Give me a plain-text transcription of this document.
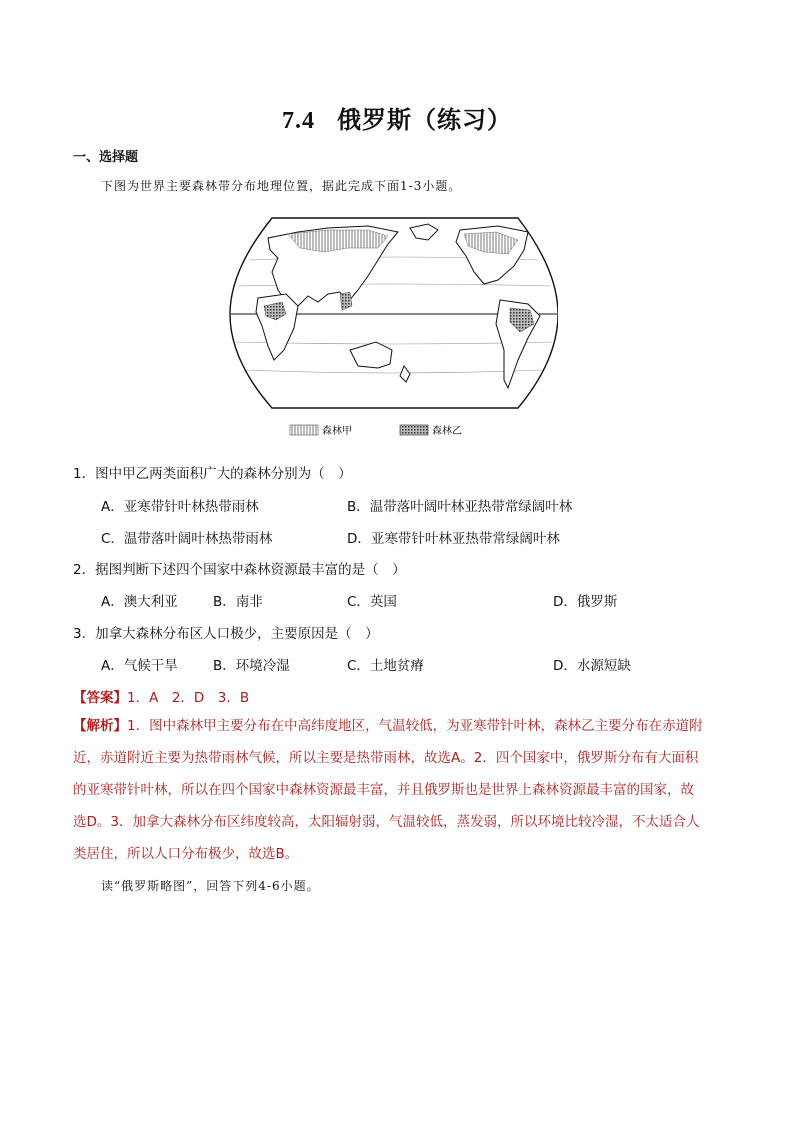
7.4 俄罗斯（练习）
一、选择题
下图为世界主要森林带分布地理位置，据此完成下面1-3小题。
森林甲	森林乙
1．图中甲乙两类面积广大的森林分别为（　）
A．亚寒带针叶林热带雨林	B．温带落叶阔叶林亚热带常绿阔叶林
C．温带落叶阔叶林热带雨林	D．亚寒带针叶林亚热带常绿阔叶林
2．据图判断下述四个国家中森林资源最丰富的是（　）
A．澳大利亚	B．南非	C．英国	D．俄罗斯
3．加拿大森林分布区人口极少，主要原因是（　）
A．气候干旱	B．环境冷湿	C．土地贫瘠	D．水源短缺
【答案】1．A　2．D　3．B
【解析】1．图中森林甲主要分布在中高纬度地区，气温较低，为亚寒带针叶林，森林乙主要分布在赤道附
近，赤道附近主要为热带雨林气候，所以主要是热带雨林，故选A。2．四个国家中，俄罗斯分布有大面积
的亚寒带针叶林，所以在四个国家中森林资源最丰富，并且俄罗斯也是世界上森林资源最丰富的国家，故
选D。3．加拿大森林分布区纬度较高，太阳辐射弱，气温较低，蒸发弱，所以环境比较冷湿，不太适合人
类居住，所以人口分布极少，故选B。
读“俄罗斯略图”，回答下列4-6小题。
